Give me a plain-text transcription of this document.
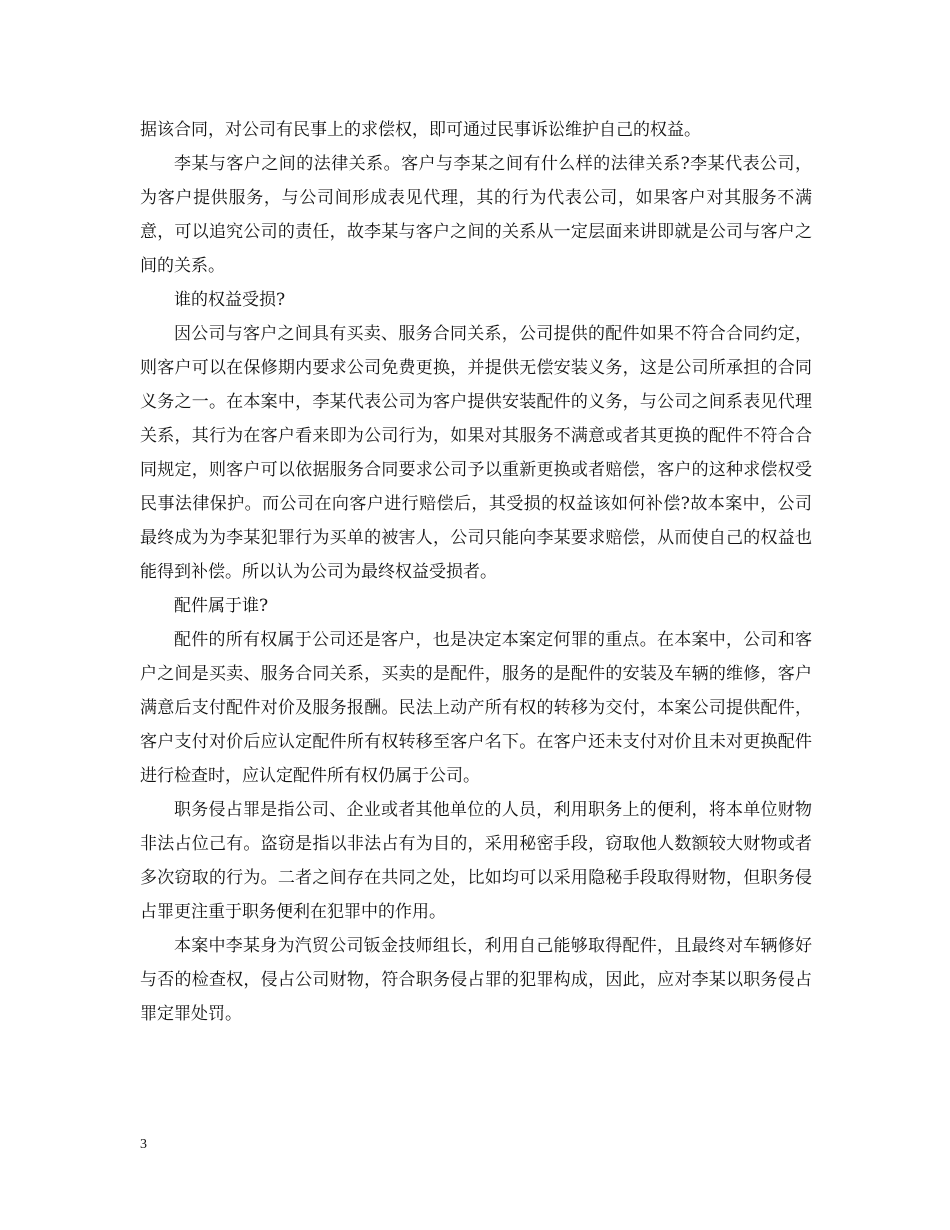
据该合同，对公司有民事上的求偿权，即可通过民事诉讼维护自己的权益。

李某与客户之间的法律关系。客户与李某之间有什么样的法律关系?李某代表公司，为客户提供服务，与公司间形成表见代理，其的行为代表公司，如果客户对其服务不满意，可以追究公司的责任，故李某与客户之间的关系从一定层面来讲即就是公司与客户之间的关系。

谁的权益受损?

因公司与客户之间具有买卖、服务合同关系，公司提供的配件如果不符合合同约定，则客户可以在保修期内要求公司免费更换，并提供无偿安装义务，这是公司所承担的合同义务之一。在本案中，李某代表公司为客户提供安装配件的义务，与公司之间系表见代理关系，其行为在客户看来即为公司行为，如果对其服务不满意或者其更换的配件不符合合同规定，则客户可以依据服务合同要求公司予以重新更换或者赔偿，客户的这种求偿权受民事法律保护。而公司在向客户进行赔偿后，其受损的权益该如何补偿?故本案中，公司最终成为为李某犯罪行为买单的被害人，公司只能向李某要求赔偿，从而使自己的权益也能得到补偿。所以认为公司为最终权益受损者。

配件属于谁?

配件的所有权属于公司还是客户，也是决定本案定何罪的重点。在本案中，公司和客户之间是买卖、服务合同关系，买卖的是配件，服务的是配件的安装及车辆的维修，客户满意后支付配件对价及服务报酬。民法上动产所有权的转移为交付，本案公司提供配件，客户支付对价后应认定配件所有权转移至客户名下。在客户还未支付对价且未对更换配件进行检查时，应认定配件所有权仍属于公司。

职务侵占罪是指公司、企业或者其他单位的人员，利用职务上的便利，将本单位财物非法占位己有。盗窃是指以非法占有为目的，采用秘密手段，窃取他人数额较大财物或者多次窃取的行为。二者之间存在共同之处，比如均可以采用隐秘手段取得财物，但职务侵占罪更注重于职务便利在犯罪中的作用。

本案中李某身为汽贸公司钣金技师组长，利用自己能够取得配件，且最终对车辆修好与否的检查权，侵占公司财物，符合职务侵占罪的犯罪构成，因此，应对李某以职务侵占罪定罪处罚。

3
